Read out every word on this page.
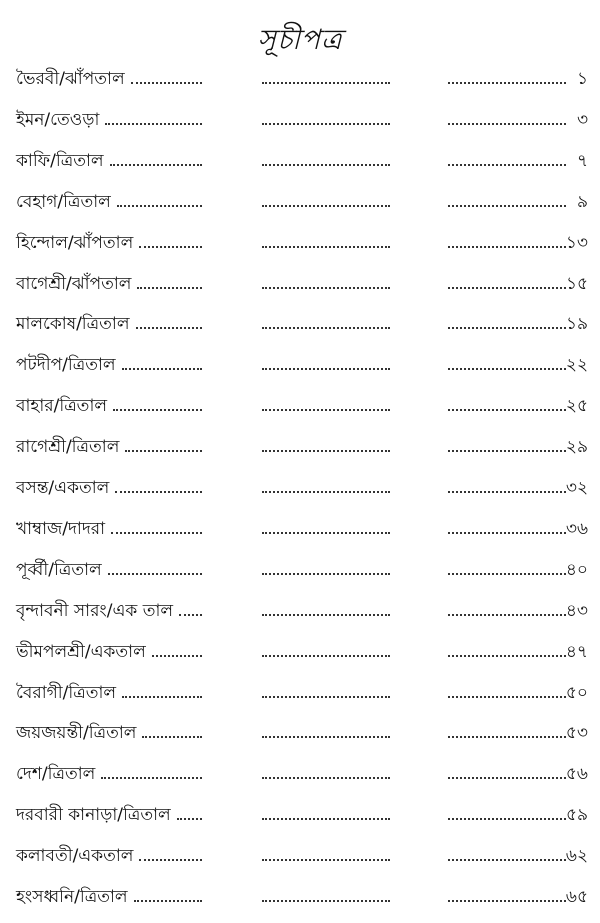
সূচীপত্র
ভৈরবী/ঝাঁপতাল	১
ইমন/তেওড়া	৩
কাফি/ত্রিতাল	৭
বেহাগ/ত্রিতাল	৯
হিন্দোল/ঝাঁপতাল	১৩
বাগেশ্রী/ঝাঁপতাল	১৫
মালকোষ/ত্রিতাল	১৯
পটদীপ/ত্রিতাল	২২
বাহার/ত্রিতাল	২৫
রাগেশ্রী/ত্রিতাল	২৯
বসন্ত/একতাল	৩২
খাম্বাজ/দাদরা	৩৬
পূর্ব্বী/ত্রিতাল	৪০
বৃন্দাবনী সারং/এক তাল	৪৩
ভীমপলশ্রী/একতাল	৪৭
বৈরাগী/ত্রিতাল	৫০
জয়জয়ন্তী/ত্রিতাল	৫৩
দেশ/ত্রিতাল	৫৬
দরবারী কানাড়া/ত্রিতাল	৫৯
কলাবতী/একতাল	৬২
হংসধ্বনি/ত্রিতাল	৬৫
